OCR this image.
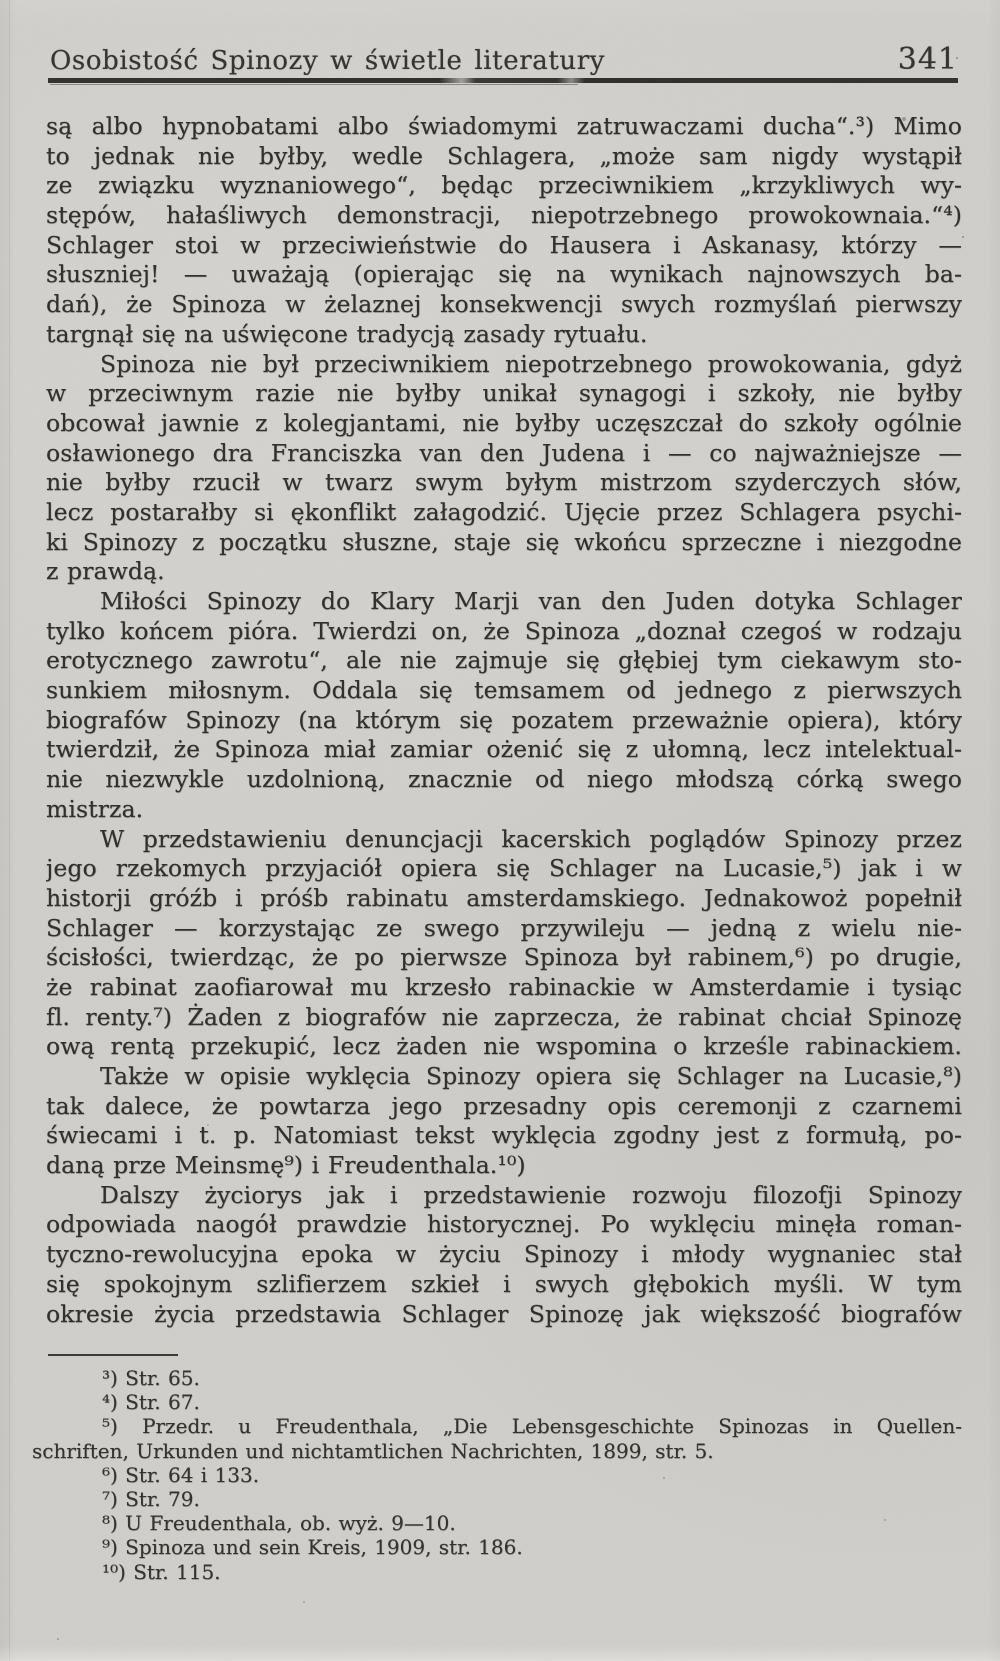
Osobistość Spinozy w świetle literatury	341
są albo hypnobatami albo świadomymi zatruwaczami ducha“.³) Mimo
to jednak nie byłby, wedle Schlagera, „może sam nigdy wystąpił
ze związku wyznaniowego“, będąc przeciwnikiem „krzykliwych wy-
stępów, hałaśliwych demonstracji, niepotrzebnego prowokownaia.“⁴)
Schlager stoi w przeciwieństwie do Hausera i Askanasy, którzy —
słuszniej! — uważają (opierając się na wynikach najnowszych ba-
dań), że Spinoza w żelaznej konsekwencji swych rozmyślań pierwszy
targnął się na uświęcone tradycją zasady rytuału.
Spinoza nie był przeciwnikiem niepotrzebnego prowokowania, gdyż
w przeciwnym razie nie byłby unikał synagogi i szkoły, nie byłby
obcował jawnie z kolegjantami, nie byłby uczęszczał do szkoły ogólnie
osławionego dra Franciszka van den Judena i — co najważniejsze —
nie byłby rzucił w twarz swym byłym mistrzom szyderczych słów,
lecz postarałby si ękonflikt załagodzić. Ujęcie przez Schlagera psychi-
ki Spinozy z początku słuszne, staje się wkońcu sprzeczne i niezgodne
z prawdą.
Miłości Spinozy do Klary Marji van den Juden dotyka Schlager
tylko końcem pióra. Twierdzi on, że Spinoza „doznał czegoś w rodzaju
erotycznego zawrotu“, ale nie zajmuje się głębiej tym ciekawym sto-
sunkiem miłosnym. Oddala się temsamem od jednego z pierwszych
biografów Spinozy (na którym się pozatem przeważnie opiera), który
twierdził, że Spinoza miał zamiar ożenić się z ułomną, lecz intelektual-
nie niezwykle uzdolnioną, znacznie od niego młodszą córką swego
mistrza.
W przedstawieniu denuncjacji kacerskich poglądów Spinozy przez
jego rzekomych przyjaciół opiera się Schlager na Lucasie,⁵) jak i w
historji gróźb i próśb rabinatu amsterdamskiego. Jednakowoż popełnił
Schlager — korzystając ze swego przywileju — jedną z wielu nie-
ścisłości, twierdząc, że po pierwsze Spinoza był rabinem,⁶) po drugie,
że rabinat zaofiarował mu krzesło rabinackie w Amsterdamie i tysiąc
fl. renty.⁷) Żaden z biografów nie zaprzecza, że rabinat chciał Spinozę
ową rentą przekupić, lecz żaden nie wspomina o krześle rabinackiem.
Także w opisie wyklęcia Spinozy opiera się Schlager na Lucasie,⁸)
tak dalece, że powtarza jego przesadny opis ceremonji z czarnemi
świecami i t. p. Natomiast tekst wyklęcia zgodny jest z formułą, po-
daną prze Meinsmę⁹) i Freudenthala.¹⁰)
Dalszy życiorys jak i przedstawienie rozwoju filozofji Spinozy
odpowiada naogół prawdzie historycznej. Po wyklęciu minęła roman-
tyczno-rewolucyjna epoka w życiu Spinozy i młody wygnaniec stał
się spokojnym szlifierzem szkieł i swych głębokich myśli. W tym
okresie życia przedstawia Schlager Spinozę jak większość biografów
³) Str. 65.
⁴) Str. 67.
⁵) Przedr. u Freudenthala, „Die Lebensgeschichte Spinozas in Quellen-
schriften, Urkunden und nichtamtlichen Nachrichten, 1899, str. 5.
⁶) Str. 64 i 133.
⁷) Str. 79.
⁸) U Freudenthala, ob. wyż. 9—10.
⁹) Spinoza und sein Kreis, 1909, str. 186.
¹⁰) Str. 115.
